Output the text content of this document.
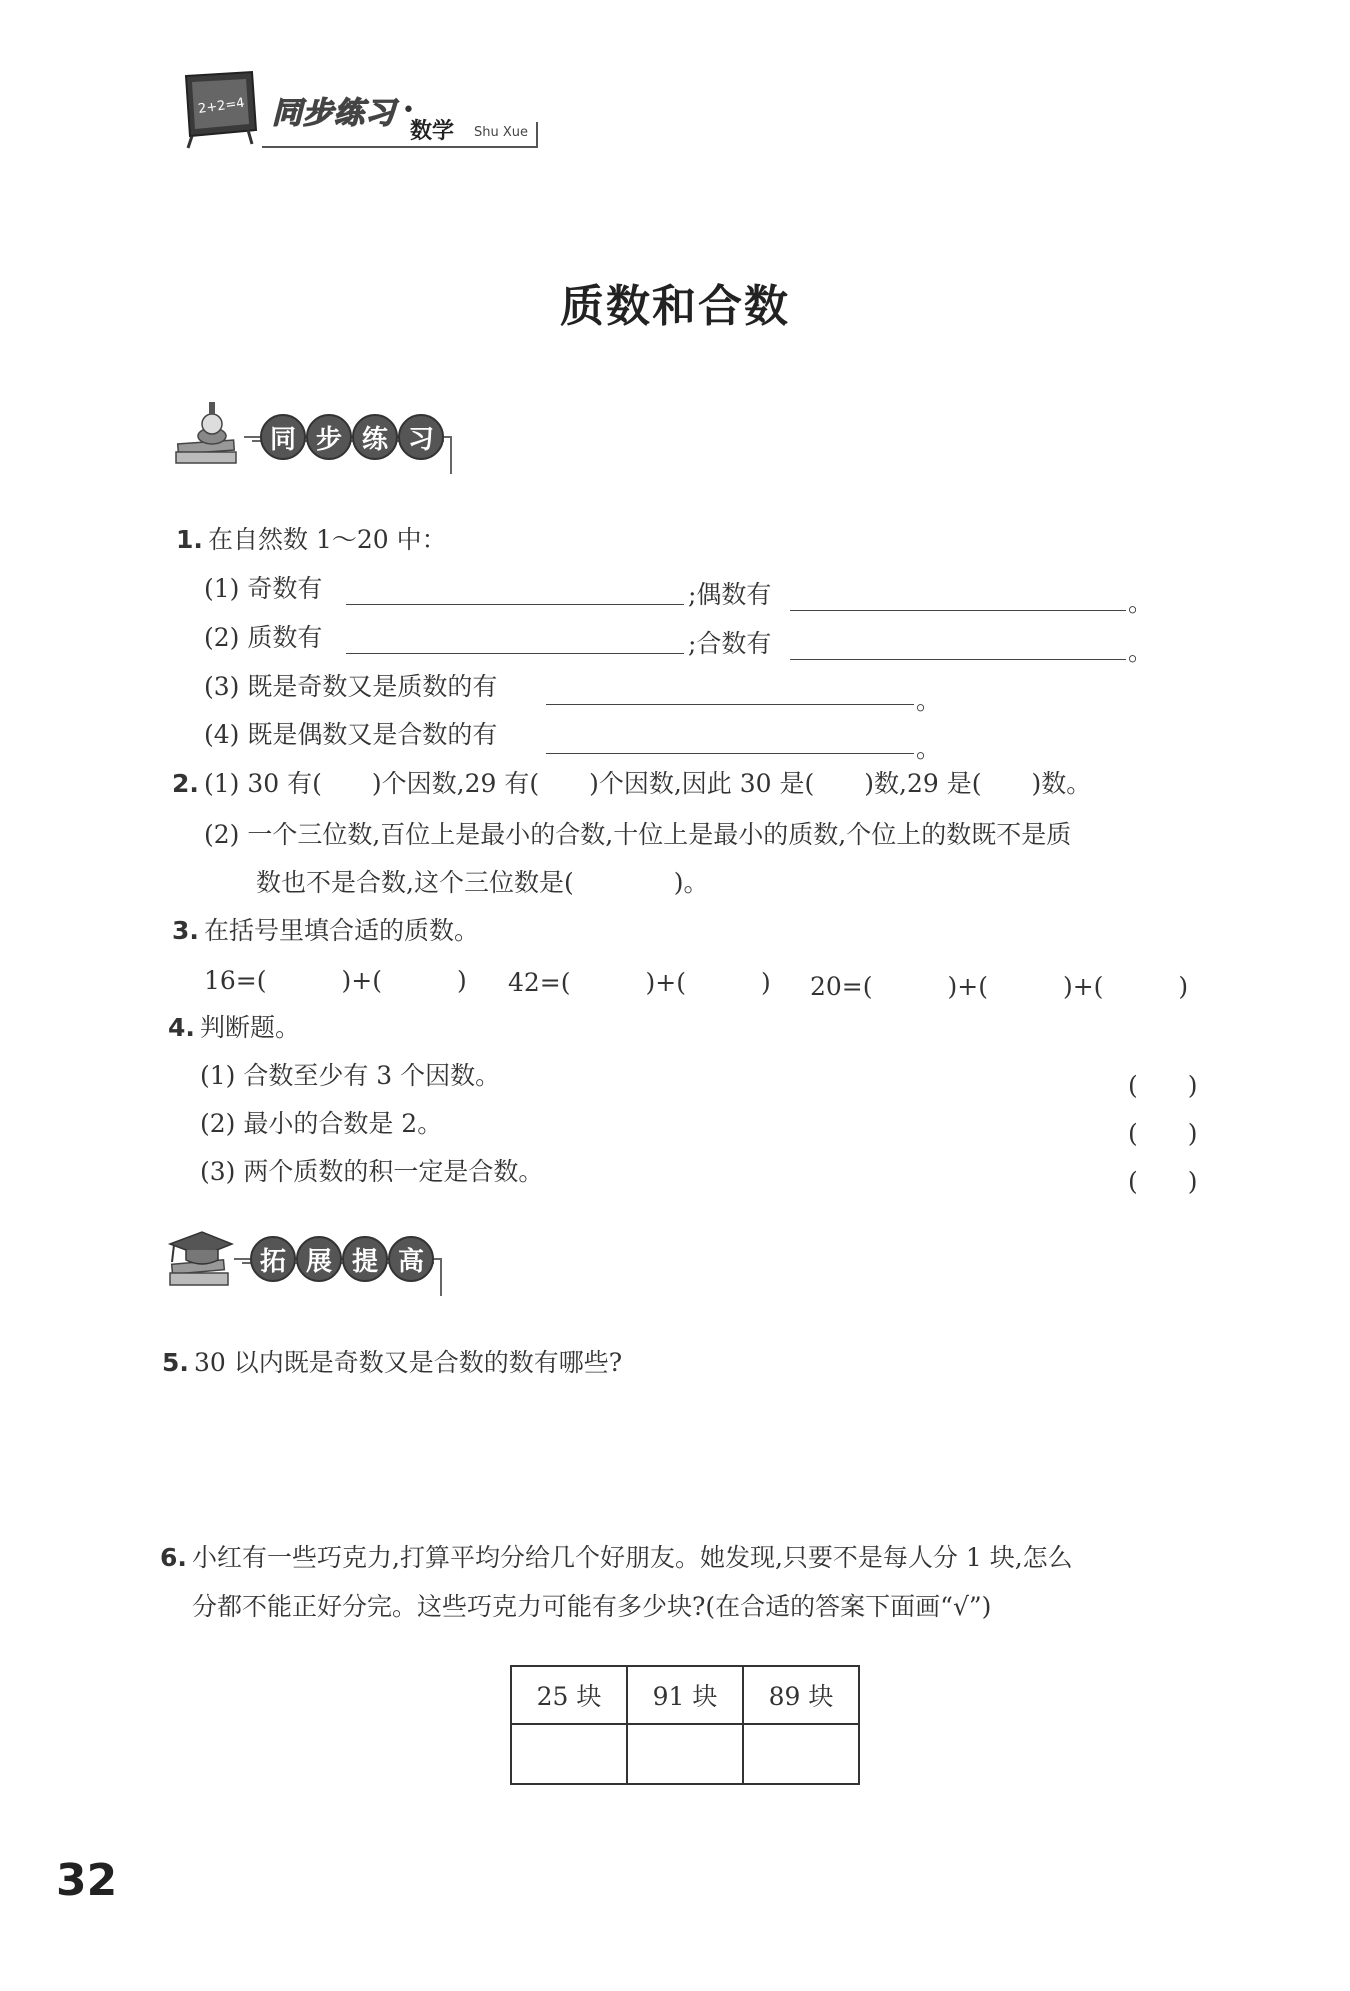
2+2=4 同步练习 •
数学 Shu Xue
质数和合数
同 步 练 习
1. 在自然数 1～20 中：
(1) 奇数有	;偶数有	。
(2) 质数有	;合数有	。
(3) 既是奇数又是质数的有	。
(4) 既是偶数又是合数的有	。
2. (1) 30 有(　　)个因数,29 有(　　)个因数,因此 30 是(　　)数,29 是(　　)数。
(2) 一个三位数,百位上是最小的合数,十位上是最小的质数,个位上的数既不是质
数也不是合数,这个三位数是(　　　　)。
3. 在括号里填合适的质数。
16=(　　　)+(　　　) 42=(　　　)+(　　　) 20=(　　　)+(　　　)+(　　　)
4. 判断题。
(1) 合数至少有 3 个因数。	(　　)
(2) 最小的合数是 2。	(　　)
(3) 两个质数的积一定是合数。	(　　)
拓 展 提 高
5. 30 以内既是奇数又是合数的数有哪些?
6. 小红有一些巧克力,打算平均分给几个好朋友。她发现,只要不是每人分 1 块,怎么
分都不能正好分完。这些巧克力可能有多少块?(在合适的答案下面画“√”)
25 块	91 块	89 块

32
